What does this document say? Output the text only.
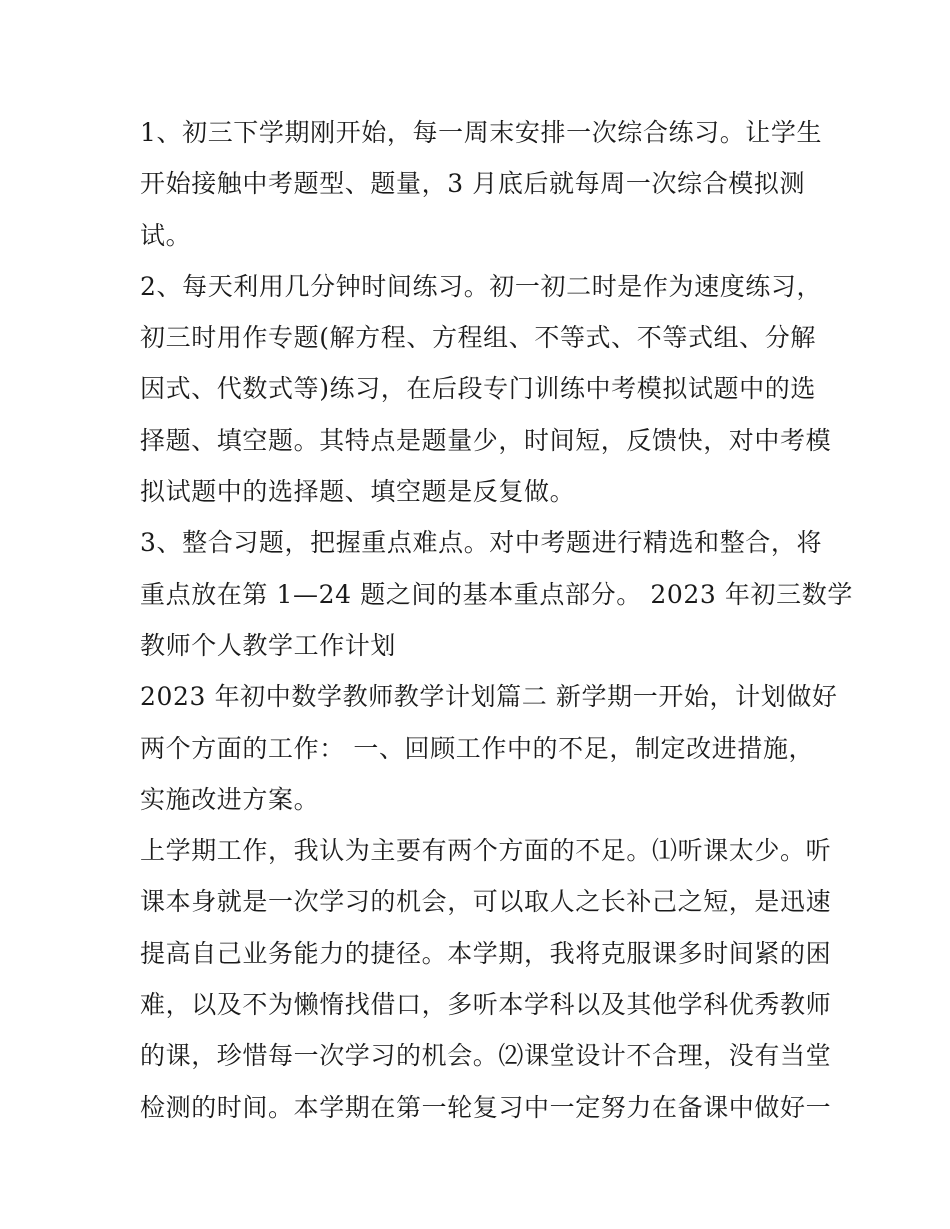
1、初三下学期刚开始，每一周末安排一次综合练习。让学生
开始接触中考题型、题量，3 月底后就每周一次综合模拟测
试。
2、每天利用几分钟时间练习。初一初二时是作为速度练习，
初三时用作专题(解方程、方程组、不等式、不等式组、分解
因式、代数式等)练习，在后段专门训练中考模拟试题中的选
择题、填空题。其特点是题量少，时间短，反馈快，对中考模
拟试题中的选择题、填空题是反复做。
3、整合习题，把握重点难点。对中考题进行精选和整合，将
重点放在第 1—24 题之间的基本重点部分。 2023 年初三数学
教师个人教学工作计划
2023 年初中数学教师教学计划篇二 新学期一开始，计划做好
两个方面的工作： 一、回顾工作中的不足，制定改进措施，
实施改进方案。
上学期工作，我认为主要有两个方面的不足。⑴听课太少。听
课本身就是一次学习的机会，可以取人之长补己之短，是迅速
提高自己业务能力的捷径。本学期，我将克服课多时间紧的困
难，以及不为懒惰找借口，多听本学科以及其他学科优秀教师
的课，珍惜每一次学习的机会。⑵课堂设计不合理，没有当堂
检测的时间。本学期在第一轮复习中一定努力在备课中做好一
